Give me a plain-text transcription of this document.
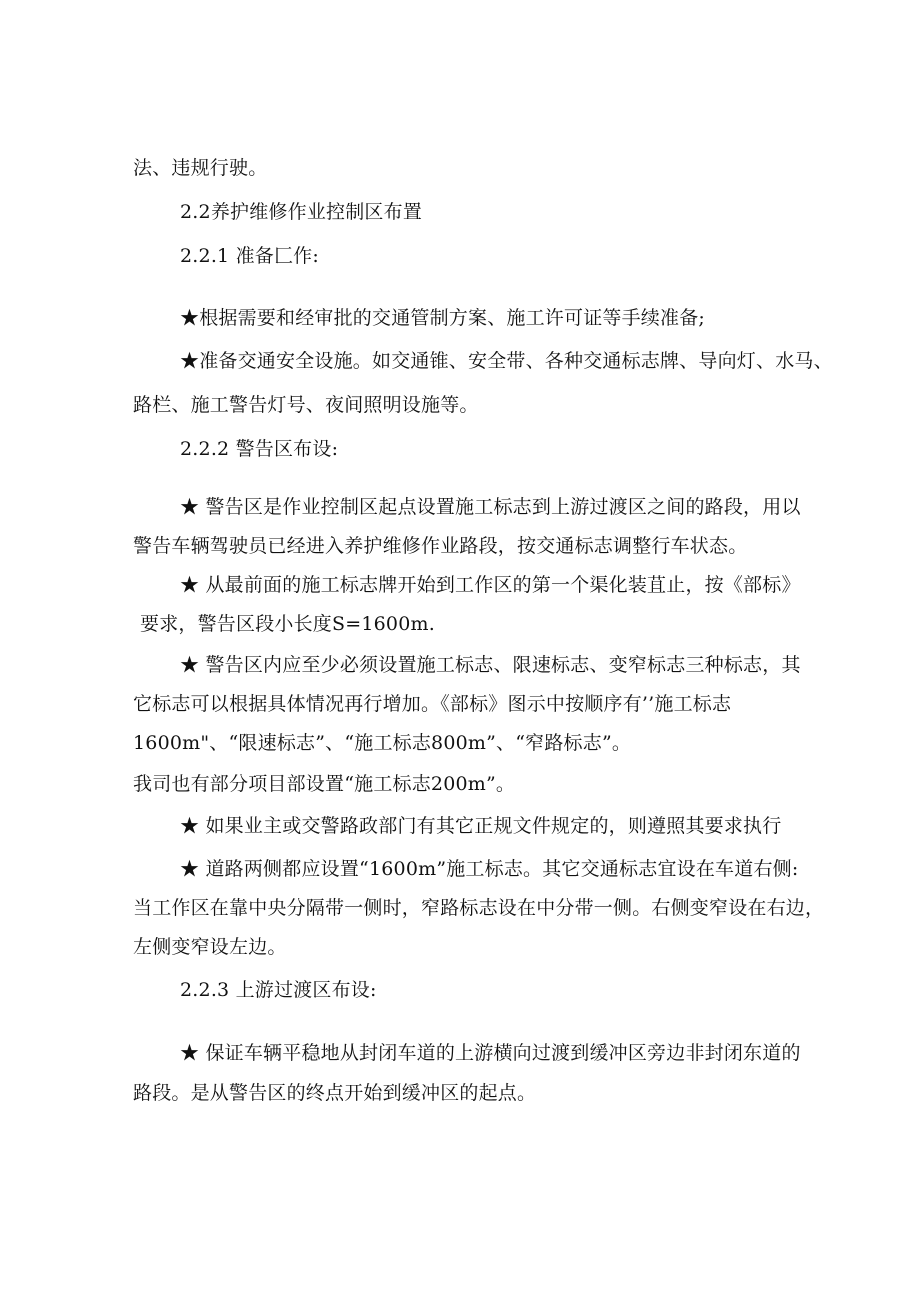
法、违规行驶。
2.2养护维修作业控制区布置
2.2.1 准备匚作:
★根据需要和经审批的交通管制方案、施工许可证等手续准备;
★准备交通安全设施。如交通锥、安全带、各种交通标志牌、导向灯、水马、
路栏、施工警告灯号、夜间照明设施等。
2.2.2 警告区布设:
★ 警告区是作业控制区起点设置施工标志到上游过渡区之间的路段，用以
警告车辆驾驶员已经进入养护维修作业路段，按交通标志调整行车状态。
★ 从最前面的施工标志牌开始到工作区的第一个渠化装苴止，按《部标》
要求，警告区段小长度S=1600m.
★ 警告区内应至少必须设置施工标志、限速标志、变窄标志三种标志，其
它标志可以根据具体情况再行增加。《部标》图示中按顺序有’’施工标志
1600m"、“限速标志”、“施工标志800m”、“窄路标志”。
我司也有部分项目部设置“施工标志200m”。
★ 如果业主或交警路政部门有其它正规文件规定的，则遵照其要求执行
★ 道路两侧都应设置“1600m”施工标志。其它交通标志宜设在车道右侧:
当工作区在靠中央分隔带一侧时，窄路标志设在中分带一侧。右侧变窄设在右边，
左侧变窄设左边。
2.2.3 上游过渡区布设:
★ 保证车辆平稳地从封闭车道的上游横向过渡到缓冲区旁边非封闭东道的
路段。是从警告区的终点开始到缓冲区的起点。
